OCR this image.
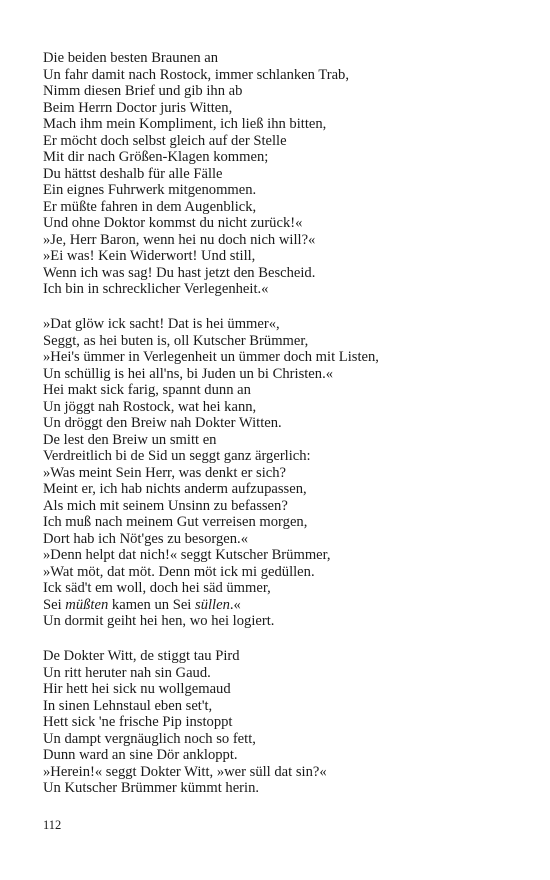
Die beiden besten Braunen an
Un fahr damit nach Rostock, immer schlanken Trab,
Nimm diesen Brief und gib ihn ab
Beim Herrn Doctor juris Witten,
Mach ihm mein Kompliment, ich ließ ihn bitten,
Er möcht doch selbst gleich auf der Stelle
Mit dir nach Größen-Klagen kommen;
Du hättst deshalb für alle Fälle
Ein eignes Fuhrwerk mitgenommen.
Er müßte fahren in dem Augenblick,
Und ohne Doktor kommst du nicht zurück!«
»Je, Herr Baron, wenn hei nu doch nich will?«
»Ei was! Kein Widerwort! Und still,
Wenn ich was sag! Du hast jetzt den Bescheid.
Ich bin in schrecklicher Verlegenheit.«
»Dat glöw ick sacht! Dat is hei ümmer«,
Seggt, as hei buten is, oll Kutscher Brümmer,
»Hei's ümmer in Verlegenheit un ümmer doch mit Listen,
Un schüllig is hei all'ns, bi Juden un bi Christen.«
Hei makt sick farig, spannt dunn an
Un jöggt nah Rostock, wat hei kann,
Un dröggt den Breiw nah Dokter Witten.
De lest den Breiw un smitt en
Verdreitlich bi de Sid un seggt ganz ärgerlich:
»Was meint Sein Herr, was denkt er sich?
Meint er, ich hab nichts anderm aufzupassen,
Als mich mit seinem Unsinn zu befassen?
Ich muß nach meinem Gut verreisen morgen,
Dort hab ich Nöt'ges zu besorgen.«
»Denn helpt dat nich!« seggt Kutscher Brümmer,
»Wat möt, dat möt. Denn möt ick mi gedüllen.
Ick säd't em woll, doch hei säd ümmer,
Sei müßten kamen un Sei süllen.«
Un dormit geiht hei hen, wo hei logiert.
De Dokter Witt, de stiggt tau Pird
Un ritt heruter nah sin Gaud.
Hir hett hei sick nu wollgemaud
In sinen Lehnstaul eben set't,
Hett sick 'ne frische Pip instoppt
Un dampt vergnäuglich noch so fett,
Dunn ward an sine Dör ankloppt.
»Herein!« seggt Dokter Witt, »wer süll dat sin?«
Un Kutscher Brümmer kümmt herin.
112
